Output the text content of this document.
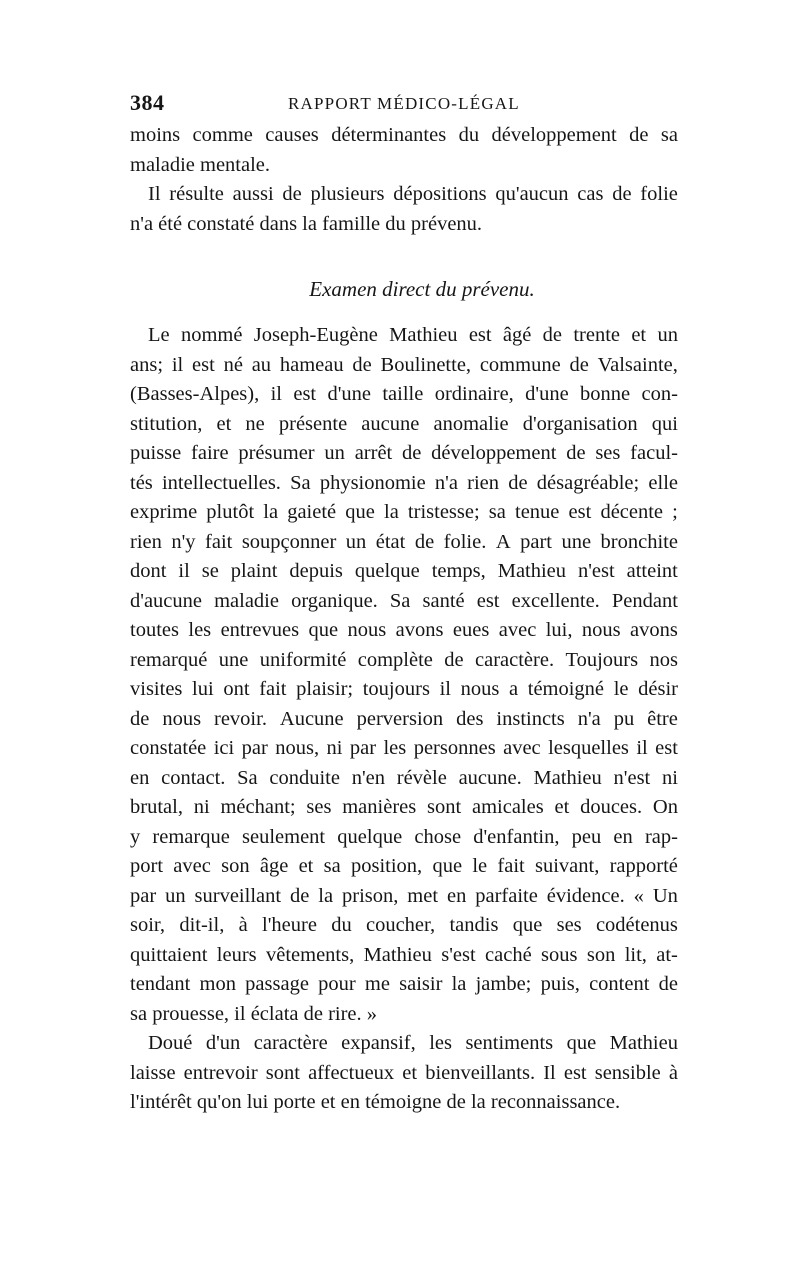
384	RAPPORT MÉDICO-LÉGAL
moins comme causes déterminantes du développement de sa
maladie mentale.
Il résulte aussi de plusieurs dépositions qu'aucun cas de folie
n'a été constaté dans la famille du prévenu.
Examen direct du prévenu.
Le nommé Joseph-Eugène Mathieu est âgé de trente et un
ans; il est né au hameau de Boulinette, commune de Valsainte,
(Basses-Alpes), il est d'une taille ordinaire, d'une bonne con-
stitution, et ne présente aucune anomalie d'organisation qui
puisse faire présumer un arrêt de développement de ses facul-
tés intellectuelles. Sa physionomie n'a rien de désagréable; elle
exprime plutôt la gaieté que la tristesse; sa tenue est décente ;
rien n'y fait soupçonner un état de folie. A part une bronchite
dont il se plaint depuis quelque temps, Mathieu n'est atteint
d'aucune maladie organique. Sa santé est excellente. Pendant
toutes les entrevues que nous avons eues avec lui, nous avons
remarqué une uniformité complète de caractère. Toujours nos
visites lui ont fait plaisir; toujours il nous a témoigné le désir
de nous revoir. Aucune perversion des instincts n'a pu être
constatée ici par nous, ni par les personnes avec lesquelles il est
en contact. Sa conduite n'en révèle aucune. Mathieu n'est ni
brutal, ni méchant; ses manières sont amicales et douces. On
y remarque seulement quelque chose d'enfantin, peu en rap-
port avec son âge et sa position, que le fait suivant, rapporté
par un surveillant de la prison, met en parfaite évidence. « Un
soir, dit-il, à l'heure du coucher, tandis que ses codétenus
quittaient leurs vêtements, Mathieu s'est caché sous son lit, at-
tendant mon passage pour me saisir la jambe; puis, content de
sa prouesse, il éclata de rire. »
Doué d'un caractère expansif, les sentiments que Mathieu
laisse entrevoir sont affectueux et bienveillants. Il est sensible à
l'intérêt qu'on lui porte et en témoigne de la reconnaissance.
